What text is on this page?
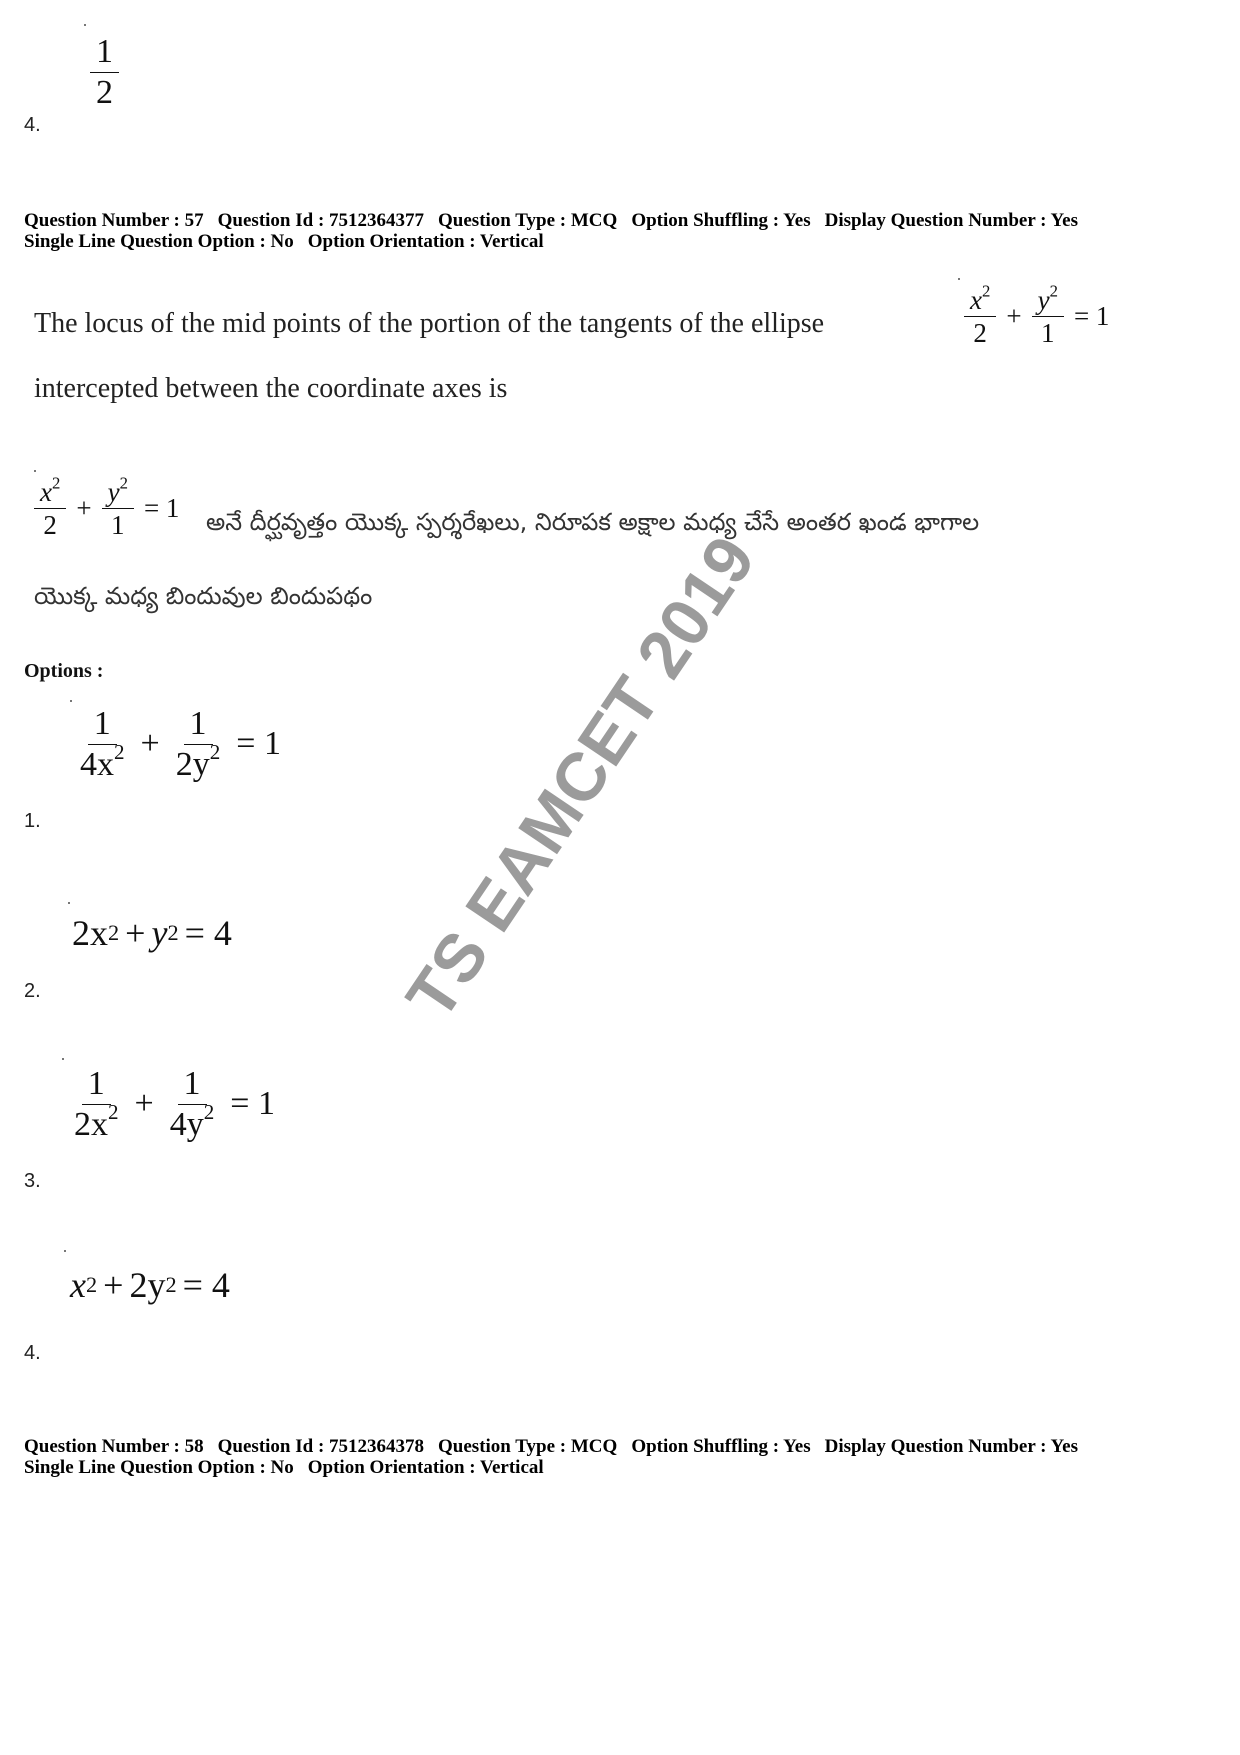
$\frac{1}{2}$
4.
Question Number : 57 Question Id : 7512364377 Question Type : MCQ Option Shuffling : Yes Display Question Number : Yes
Single Line Question Option : No Option Orientation : Vertical
The locus of the mid points of the portion of the tangents of the ellipse	$\frac{x^2}{2} + \frac{y^2}{1} = 1$
intercepted between the coordinate axes is
$\frac{x^2}{2} + \frac{y^2}{1} = 1$ అనే దీర్ఘవృత్తం యొక్క స్పర్శరేఖలు, నిరూపక అక్షాల మధ్య చేసే అంతర ఖండ భాగాల
యొక్క మధ్య బిందువుల బిందుపథం
Options :
$\frac{1}{4x^2} + \frac{1}{2y^2} = 1$
1.
2x 2 + y 2 = 4
2.
$\frac{1}{2x^2} + \frac{1}{4y^2} = 1$
3.
x 2 + 2y 2 = 4
4.
Question Number : 58 Question Id : 7512364378 Question Type : MCQ Option Shuffling : Yes Display Question Number : Yes
Single Line Question Option : No Option Orientation : Vertical
TS EAMCET 2019
